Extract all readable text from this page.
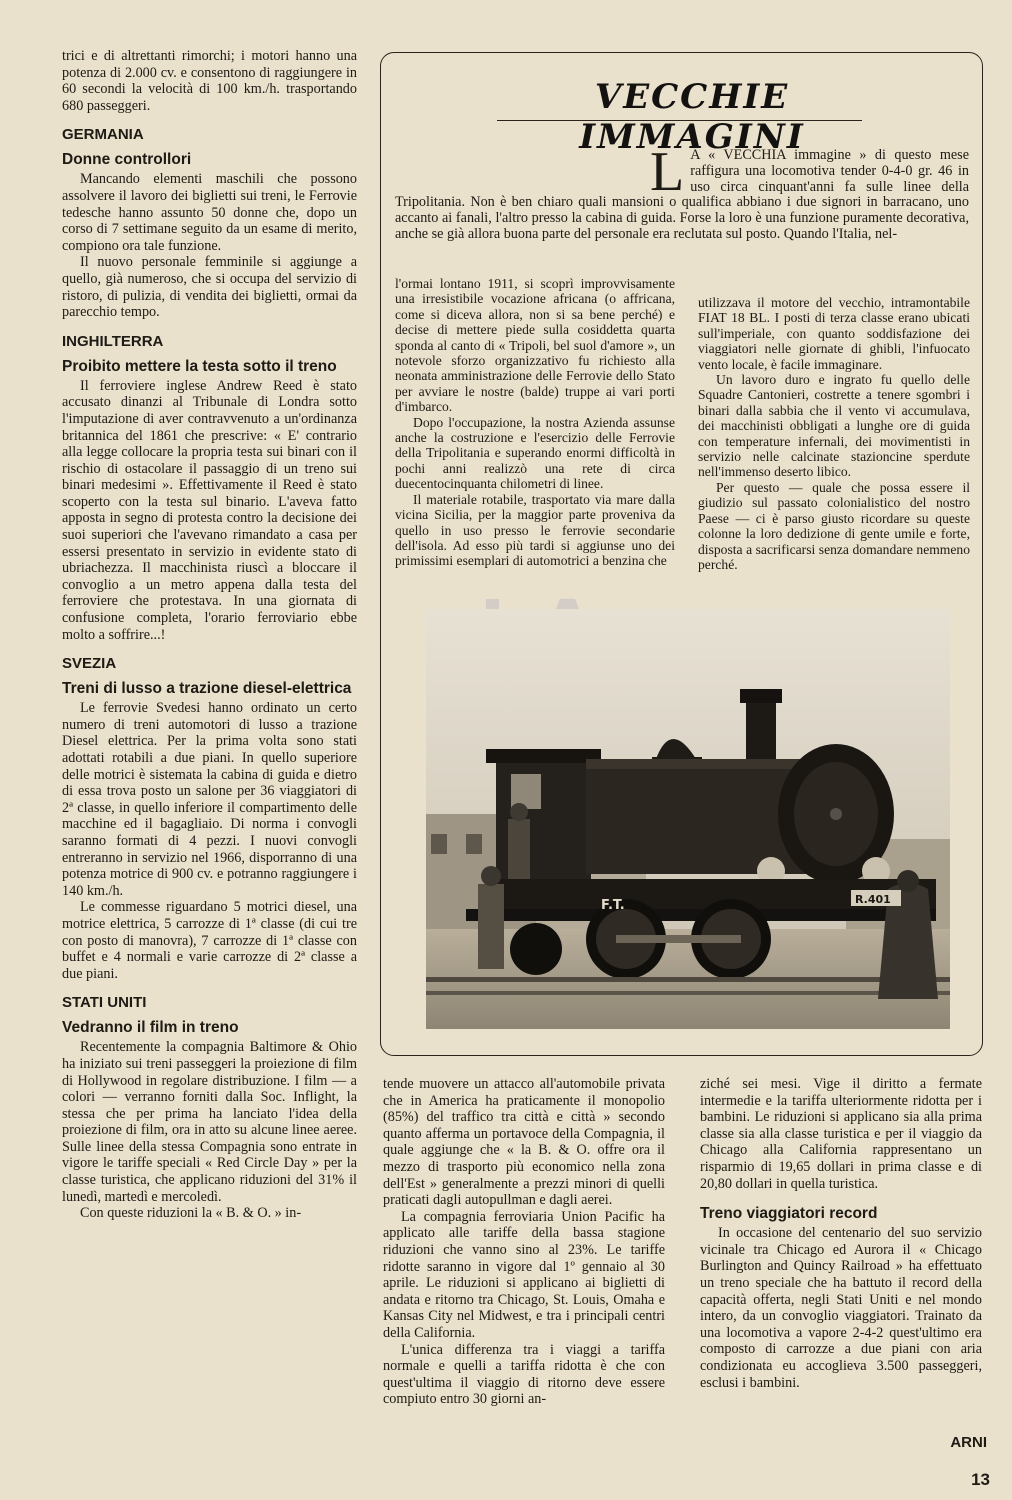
trici e di altrettanti rimorchi; i motori hanno una potenza di 2.000 cv. e consentono di raggiungere in 60 secondi la velocità di 100 km./h. trasportando 680 passeggeri.

GERMANIA
Donne controllori

Mancando elementi maschili che possono assolvere il lavoro dei biglietti sui treni, le Ferrovie tedesche hanno assunto 50 donne che, dopo un corso di 7 settimane seguito da un esame di merito, compiono ora tale funzione.

Il nuovo personale femminile si aggiunge a quello, già numeroso, che si occupa del servizio di ristoro, di pulizia, di vendita dei biglietti, ormai da parecchio tempo.

INGHILTERRA
Proibito mettere la testa sotto il treno

Il ferroviere inglese Andrew Reed è stato accusato dinanzi al Tribunale di Londra sotto l'imputazione di aver contravvenuto a un'ordinanza britannica del 1861 che prescrive: « E' contrario alla legge collocare la propria testa sui binari con il rischio di ostacolare il passaggio di un treno sui binari medesimi ». Effettivamente il Reed è stato scoperto con la testa sul binario. L'aveva fatto apposta in segno di protesta contro la decisione dei suoi superiori che l'avevano rimandato a casa per essersi presentato in servizio in evidente stato di ubriachezza. Il macchinista riuscì a bloccare il convoglio a un metro appena dalla testa del ferroviere che protestava. In una giornata di confusione completa, l'orario ferroviario ebbe molto a soffrire...!

SVEZIA
Treni di lusso a trazione diesel-elettrica

Le ferrovie Svedesi hanno ordinato un certo numero di treni automotori di lusso a trazione Diesel elettrica. Per la prima volta sono stati adottati rotabili a due piani. In quello superiore delle motrici è sistemata la cabina di guida e dietro di essa trova posto un salone per 36 viaggiatori di 2ª classe, in quello inferiore il compartimento delle macchine ed il bagagliaio. Di norma i convogli saranno formati di 4 pezzi. I nuovi convogli entreranno in servizio nel 1966, disporranno di una potenza motrice di 900 cv. e potranno raggiungere i 140 km./h.

Le commesse riguardano 5 motrici diesel, una motrice elettrica, 5 carrozze di 1ª classe (di cui tre con posto di manovra), 7 carrozze di 1ª classe con buffet e 4 normali e varie carrozze di 2ª classe a due piani.

STATI UNITI
Vedranno il film in treno

Recentemente la compagnia Baltimore & Ohio ha iniziato sui treni passeggeri la proiezione di film di Hollywood in regolare distribuzione. I film — a colori — verranno forniti dalla Soc. Inflight, la stessa che per prima ha lanciato l'idea della proiezione di film, ora in atto su alcune linee aeree. Sulle linee della stessa Compagnia sono entrate in vigore le tariffe speciali « Red Circle Day » per la classe turistica, che applicano riduzioni del 31% il lunedì, martedì e mercoledì.

Con queste riduzioni la « B. & O. » in-

VECCHIE IMMAGINI
L A « VECCHIA immagine » di questo mese raffigura una locomotiva tender 0-4-0 gr. 46 in uso circa cinquant'anni fa sulle linee della Tripolitania. Non è ben chiaro quali mansioni o qualifica abbiano i due signori in barracano, uno accanto ai fanali, l'altro presso la cabina di guida. Forse la loro è una funzione puramente decorativa, anche se già allora buona parte del personale era reclutata sul posto. Quando l'Italia, nel-

l'ormai lontano 1911, si scoprì improvvisamente una irresistibile vocazione africana (o affricana, come si diceva allora, non si sa bene perché) e decise di mettere piede sulla cosiddetta quarta sponda al canto di « Tripoli, bel suol d'amore », un notevole sforzo organizzativo fu richiesto alla neonata amministrazione delle Ferrovie dello Stato per avviare le nostre (balde) truppe ai vari porti d'imbarco.

Dopo l'occupazione, la nostra Azienda assunse anche la costruzione e l'esercizio delle Ferrovie della Tripolitania e superando enormi difficoltà in pochi anni realizzò una rete di circa duecentocinquanta chilometri di linee.

Il materiale rotabile, trasportato via mare dalla vicina Sicilia, per la maggior parte proveniva da quello in uso presso le ferrovie secondarie dell'isola. Ad esso più tardi si aggiunse uno dei primissimi esemplari di automotrici a benzina che

utilizzava il motore del vecchio, intramontabile FIAT 18 BL. I posti di terza classe erano ubicati sull'imperiale, con quanto soddisfazione dei viaggiatori nelle giornate di ghibli, l'infuocato vento locale, è facile immaginare.

Un lavoro duro e ingrato fu quello delle Squadre Cantonieri, costrette a tenere sgombri i binari dalla sabbia che il vento vi accumulava, dei macchinisti obbligati a lunghe ore di guida con temperature infernali, dei movimentisti in servizio nelle calcinate stazioncine sperdute nell'immenso deserto libico.

Per questo — quale che possa essere il giudizio sul passato colonialistico del nostro Paese — ci è parso giusto ricordare su queste colonne la loro dedizione di gente umile e forte, disposta a sacrificarsi senza domandare nemmeno perché.

F.T.	R.401

tende muovere un attacco all'automobile privata che in America ha praticamente il monopolio (85%) del traffico tra città e città » secondo quanto afferma un portavoce della Compagnia, il quale aggiunge che « la B. & O. offre ora il mezzo di trasporto più economico nella zona dell'Est » generalmente a prezzi minori di quelli praticati dagli autopullman e dagli aerei.

La compagnia ferroviaria Union Pacific ha applicato alle tariffe della bassa stagione riduzioni che vanno sino al 23%. Le tariffe ridotte saranno in vigore dal 1º gennaio al 30 aprile. Le riduzioni si applicano ai biglietti di andata e ritorno tra Chicago, St. Louis, Omaha e Kansas City nel Midwest, e tra i principali centri della California.

L'unica differenza tra i viaggi a tariffa normale e quelli a tariffa ridotta è che con quest'ultima il viaggio di ritorno deve essere compiuto entro 30 giorni an-

ziché sei mesi. Vige il diritto a fermate intermedie e la tariffa ulteriormente ridotta per i bambini. Le riduzioni si applicano sia alla prima classe sia alla classe turistica e per il viaggio da Chicago alla California rappresentano un risparmio di 19,65 dollari in prima classe e di 20,80 dollari in quella turistica.

Treno viaggiatori record

In occasione del centenario del suo servizio vicinale tra Chicago ed Aurora il « Chicago Burlington and Quincy Railroad » ha effettuato un treno speciale che ha battuto il record della capacità offerta, negli Stati Uniti e nel mondo intero, da un convoglio viaggiatori. Trainato da una locomotiva a vapore 2-4-2 quest'ultimo era composto di carrozze a due piani con aria condizionata eu accoglieva 3.500 passeggeri, esclusi i bambini.

ARNI
13
